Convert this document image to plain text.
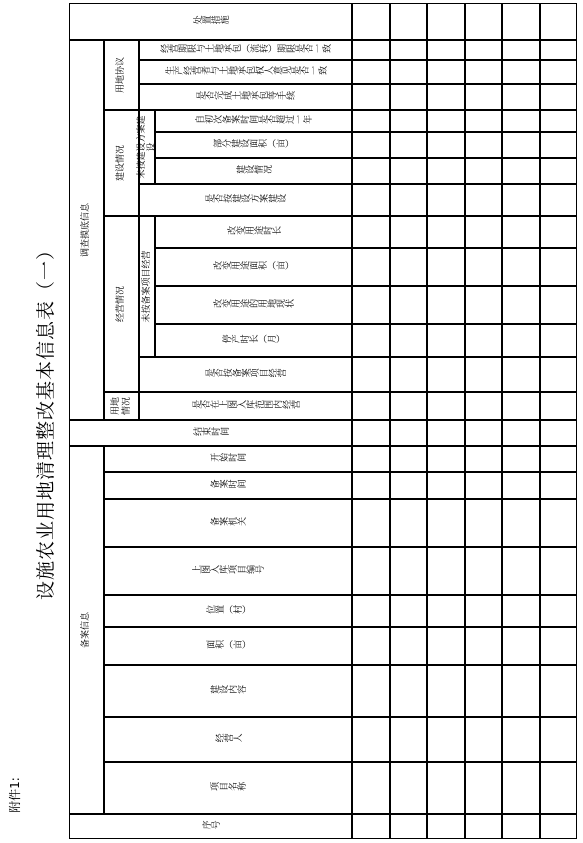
附件1:
设施农业用地清理整改基本信息表（一）
序号
备案信息
项目名称
经营人
建设内容
面积（亩）
位置（村）
上图入库项目编号
备案机关
备案时间
开始时间
结束时间
调查摸底信息
用地情况	是否在上图入库范围内经营
经营情况
是否按备案项目经营
未按备案项目经营
停产时长（月）
改变用途的用地现状
改变用途面积（亩）
改变用途时长
建设情况
是否按建设方案建设
未按建设方案建设
建设情况
部分建设面积（亩）
自初次备案时间是否超过一年
用地协议
是否完成土地承包等手续
生产经营者与土地承包权人意见是否一致
经营期限与土地承包（流转）期限是否一致
处置措施
